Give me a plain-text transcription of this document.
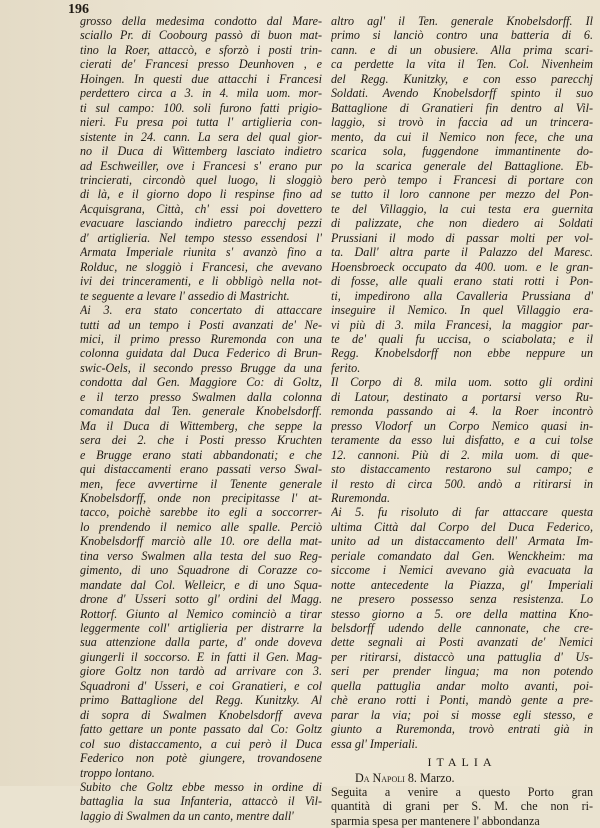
196
grosso della medesima condotto dal Mare-
sciallo Pr. di Coobourg passò di buon mat-
tino la Roer, attaccò, e sforzò i posti trin-
cierati de' Francesi presso Deunhoven , e
Hoingen. In questi due attacchi i Francesi
perdettero circa a 3. in 4. mila uom. mor-
ti sul campo: 100. soli furono fatti prigio-
nieri. Fu presa poi tutta l' artiglieria con-
sistente in 24. cann. La sera del qual gior-
no il Duca di Wittemberg lasciato indietro
ad Eschweiller, ove i Francesi s' erano pur
trincierati, circondò quel luogo, li sloggiò
di là, e il giorno dopo li respinse fino ad
Acquisgrana, Città, ch' essi poi dovettero
evacuare lasciando indietro parecchj pezzi
d' artiglieria. Nel tempo stesso essendosi l'
Armata Imperiale riunita s' avanzò fino a
Rolduc, ne sloggiò i Francesi, che avevano
ivi dei trinceramenti, e li obbligò nella not-
te seguente a levare l' assedio di Mastricht.
Ai 3. era stato concertato di attaccare
tutti ad un tempo i Posti avanzati de' Ne-
mici, il primo presso Ruremonda con una
colonna guidata dal Duca Federico di Brun-
swic-Oels, il secondo presso Brugge da una
condotta dal Gen. Maggiore Co: di Goltz,
e il terzo presso Swalmen dalla colonna
comandata dal Ten. generale Knobelsdorff.
Ma il Duca di Wittemberg, che seppe la
sera dei 2. che i Posti presso Kruchten
e Brugge erano stati abbandonati; e che
qui distaccamenti erano passati verso Swal-
men, fece avvertirne il Tenente generale
Knobelsdorff, onde non precipitasse l' at-
tacco, poichè sarebbe ito egli a soccorrer-
lo prendendo il nemico alle spalle. Perciò
Knobelsdorff marciò alle 10. ore della mat-
tina verso Swalmen alla testa del suo Reg-
gimento, di uno Squadrone di Corazze co-
mandate dal Col. Welleicr, e di uno Squa-
drone d' Usseri sotto gl' ordini del Magg.
Rottorf. Giunto al Nemico cominciò a tirar
leggermente coll' artiglieria per distrarre la
sua attenzione dalla parte, d' onde doveva
giungerli il soccorso. E in fatti il Gen. Mag-
giore Goltz non tardò ad arrivare con 3.
Squadroni d' Usseri, e coi Granatieri, e col
primo Battaglione del Regg. Kunitzky. Al
di sopra di Swalmen Knobelsdorff aveva
fatto gettare un ponte passato dal Co: Goltz
col suo distaccamento, a cui però il Duca
Federico non potè giungere, trovandosene
troppo lontano.
Subito che Goltz ebbe messo in ordine di
battaglia la sua Infanteria, attaccò il Vil-
laggio di Swalmen da un canto, mentre dall'
altro agl' il Ten. generale Knobelsdorff. Il
primo si lanciò contro una batteria di 6.
cann. e di un obusiere. Alla prima scari-
ca perdette la vita il Ten. Col. Nivenheim
del Regg. Kunitzky, e con esso parecchj
Soldati. Avendo Knobelsdorff spinto il suo
Battaglione di Granatieri fin dentro al Vil-
laggio, si trovò in faccia ad un trincera-
mento, da cui il Nemico non fece, che una
scarica sola, fuggendone immantinente do-
po la scarica generale del Battaglione. Eb-
bero però tempo i Francesi di portare con
se tutto il loro cannone per mezzo del Pon-
te del Villaggio, la cui testa era guernita
di palizzate, che non diedero ai Soldati
Prussiani il modo di passar molti per vol-
ta. Dall' altra parte il Palazzo del Maresc.
Hoensbroeck occupato da 400. uom. e le gran-
di fosse, alle quali erano stati rotti i Pon-
ti, impedirono alla Cavalleria Prussiana d'
inseguire il Nemico. In quel Villaggio era-
vi più di 3. mila Francesi, la maggior par-
te de' quali fu uccisa, o sciabolata; e il
Regg. Knobelsdorff non ebbe neppure un
ferito.
Il Corpo di 8. mila uom. sotto gli ordini
di Latour, destinato a portarsi verso Ru-
remonda passando ai 4. la Roer incontrò
presso Vlodorf un Corpo Nemico quasi in-
teramente da esso lui disfatto, e a cui tolse
12. cannoni. Più di 2. mila uom. di que-
sto distaccamento restarono sul campo; e
il resto di circa 500. andò a ritirarsi in
Ruremonda.
Ai 5. fu risoluto di far attaccare questa
ultima Città dal Corpo del Duca Federico,
unito ad un distaccamento dell' Armata Im-
periale comandato dal Gen. Wenckheim: ma
siccome i Nemici avevano già evacuata la
notte antecedente la Piazza, gl' Imperiali
ne presero possesso senza resistenza. Lo
stesso giorno a 5. ore della mattina Kno-
belsdorff udendo delle cannonate, che cre-
dette segnali ai Posti avanzati de' Nemici
per ritirarsi, distaccò una pattuglia d' Us-
seri per prender lingua; ma non potendo
quella pattuglia andar molto avanti, poi-
chè erano rotti i Ponti, mandò gente a pre-
parar la via; poi si mosse egli stesso, e
giunto a Ruremonda, trovò entrati già in
essa gl' Imperiali.
ITALIA
Da Napoli 8. Marzo.
Seguita a venire a questo Porto gran
quantità di grani per S. M. che non ri-
sparmia spesa per mantenere l' abbondanza
